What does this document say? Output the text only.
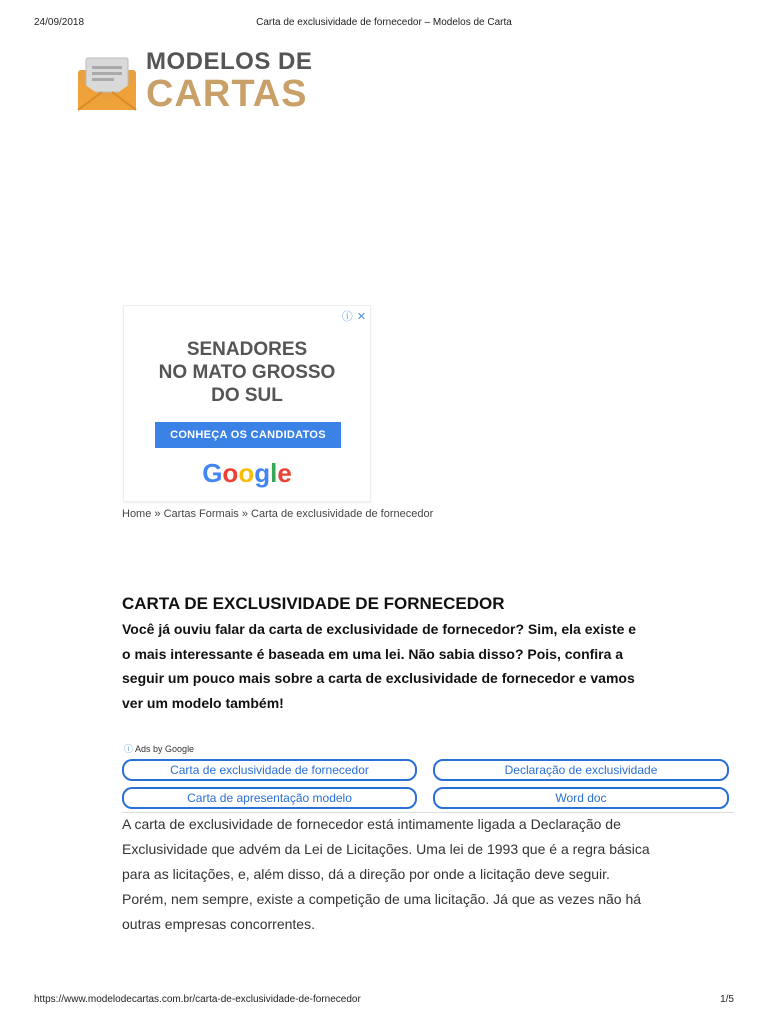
24/09/2018	Carta de exclusividade de fornecedor – Modelos de Carta
MODELOS DE
CARTAS
ⓘ ✕
SENADORES
NO MATO GROSSO
DO SUL
CONHEÇA OS CANDIDATOS
Google
Home » Cartas Formais » Carta de exclusividade de fornecedor
CARTA DE EXCLUSIVIDADE DE FORNECEDOR

Você já ouviu falar da carta de exclusividade de fornecedor? Sim, ela existe e o mais interessante é baseada em uma lei. Não sabia disso? Pois, confira a seguir um pouco mais sobre a carta de exclusividade de fornecedor e vamos ver um modelo também!

ⓘ Ads by Google
Carta de exclusividade de fornecedor	Declaração de exclusividade
Carta de apresentação modelo	Word doc

A carta de exclusividade de fornecedor está intimamente ligada a Declaração de Exclusividade que advém da Lei de Licitações. Uma lei de 1993 que é a regra básica para as licitações, e, além disso, dá a direção por onde a licitação deve seguir. Porém, nem sempre, existe a competição de uma licitação. Já que as vezes não há outras empresas concorrentes.

https://www.modelodecartas.com.br/carta-de-exclusividade-de-fornecedor	1/5
